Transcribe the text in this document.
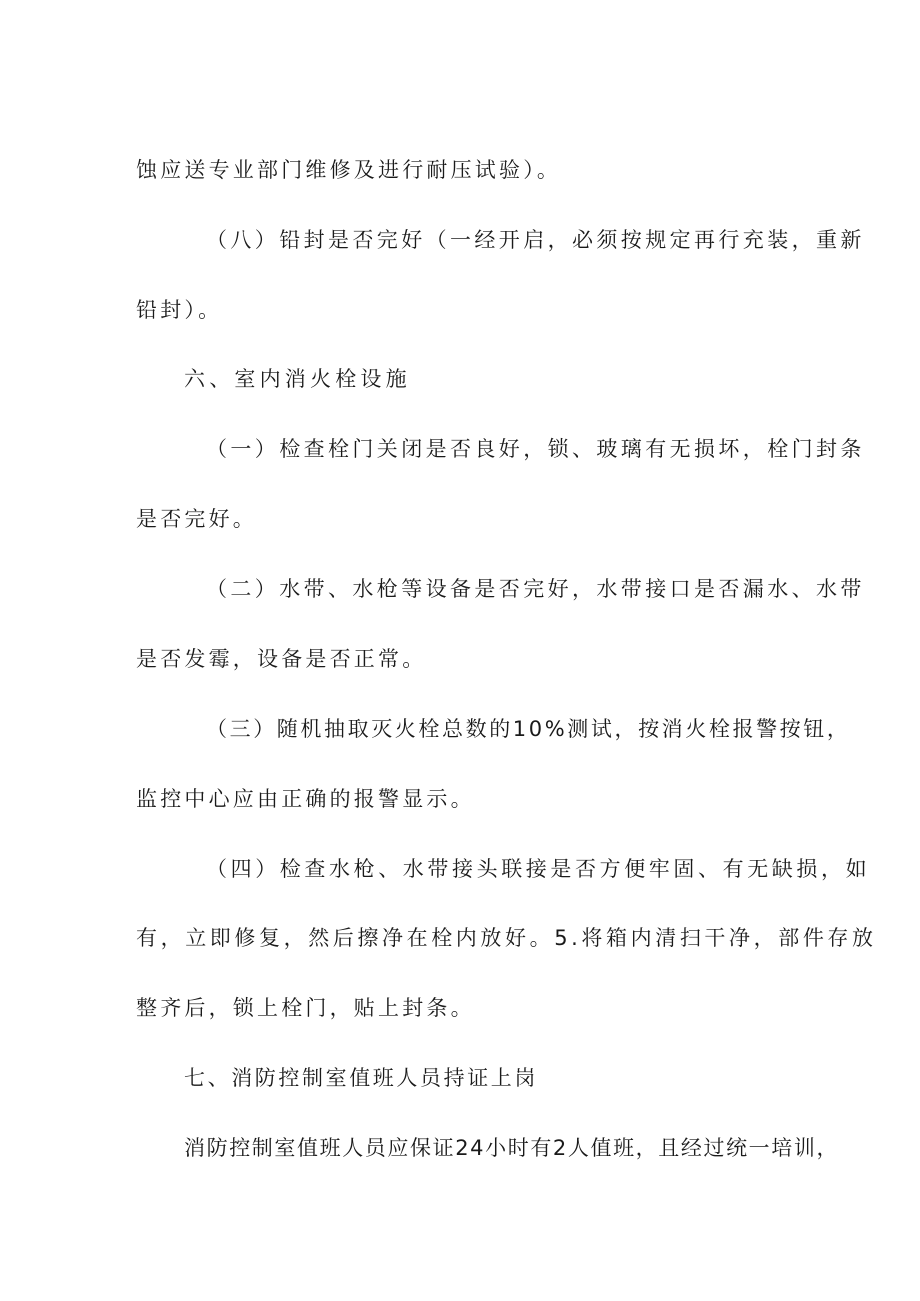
蚀应送专业部门维修及进行耐压试验）。
（八）铅封是否完好（一经开启，必须按规定再行充装，重新
铅封）。
六、室内消火栓设施
（一）检查栓门关闭是否良好，锁、玻璃有无损坏，栓门封条
是否完好。
（二）水带、水枪等设备是否完好，水带接口是否漏水、水带
是否发霉，设备是否正常。
（三）随机抽取灭火栓总数的10%测试，按消火栓报警按钮，
监控中心应由正确的报警显示。
（四）检查水枪、水带接头联接是否方便牢固、有无缺损，如
有，立即修复，然后擦净在栓内放好。5.将箱内清扫干净，部件存放
整齐后，锁上栓门，贴上封条。
七、消防控制室值班人员持证上岗
消防控制室值班人员应保证24小时有2人值班，且经过统一培训，
